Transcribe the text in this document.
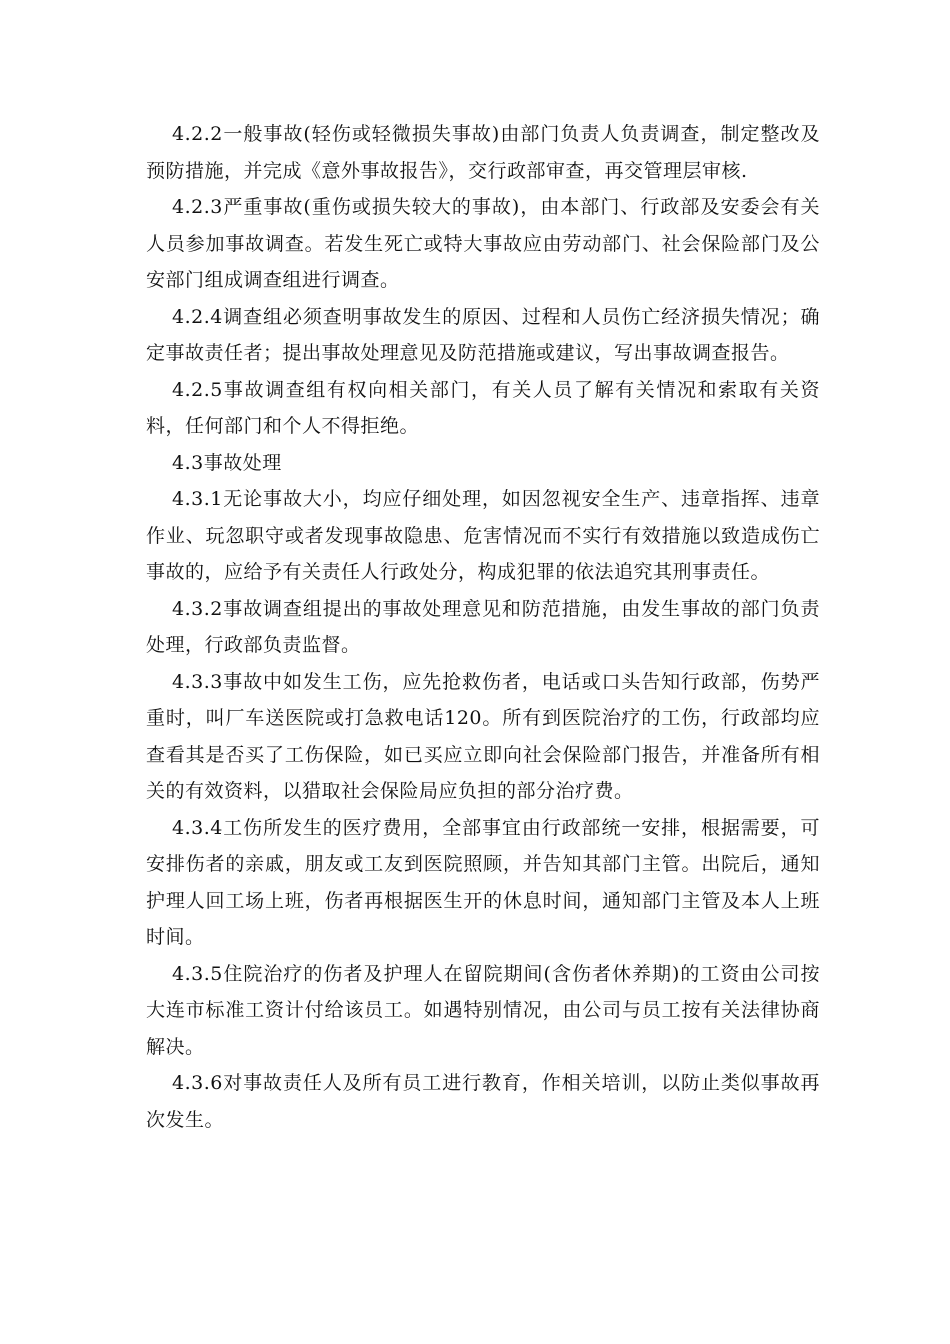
4.2.2一般事故(轻伤或轻微损失事故)由部门负责人负责调查，制定整改及预防措施，并完成《意外事故报告》，交行政部审查，再交管理层审核.

4.2.3严重事故(重伤或损失较大的事故)，由本部门、行政部及安委会有关人员参加事故调查。若发生死亡或特大事故应由劳动部门、社会保险部门及公安部门组成调查组进行调查。

4.2.4调查组必须查明事故发生的原因、过程和人员伤亡经济损失情况；确定事故责任者；提出事故处理意见及防范措施或建议，写出事故调查报告。

4.2.5事故调查组有权向相关部门，有关人员了解有关情况和索取有关资料，任何部门和个人不得拒绝。

4.3事故处理

4.3.1无论事故大小，均应仔细处理，如因忽视安全生产、违章指挥、违章作业、玩忽职守或者发现事故隐患、危害情况而不实行有效措施以致造成伤亡事故的，应给予有关责任人行政处分，构成犯罪的依法追究其刑事责任。

4.3.2事故调查组提出的事故处理意见和防范措施，由发生事故的部门负责处理，行政部负责监督。

4.3.3事故中如发生工伤，应先抢救伤者，电话或口头告知行政部，伤势严重时，叫厂车送医院或打急救电话120。所有到医院治疗的工伤，行政部均应查看其是否买了工伤保险，如已买应立即向社会保险部门报告，并准备所有相关的有效资料，以猎取社会保险局应负担的部分治疗费。

4.3.4工伤所发生的医疗费用，全部事宜由行政部统一安排，根据需要，可安排伤者的亲戚，朋友或工友到医院照顾，并告知其部门主管。出院后，通知护理人回工场上班，伤者再根据医生开的休息时间，通知部门主管及本人上班时间。

4.3.5住院治疗的伤者及护理人在留院期间(含伤者休养期)的工资由公司按大连市标准工资计付给该员工。如遇特别情况，由公司与员工按有关法律协商解决。

4.3.6对事故责任人及所有员工进行教育，作相关培训，以防止类似事故再次发生。
